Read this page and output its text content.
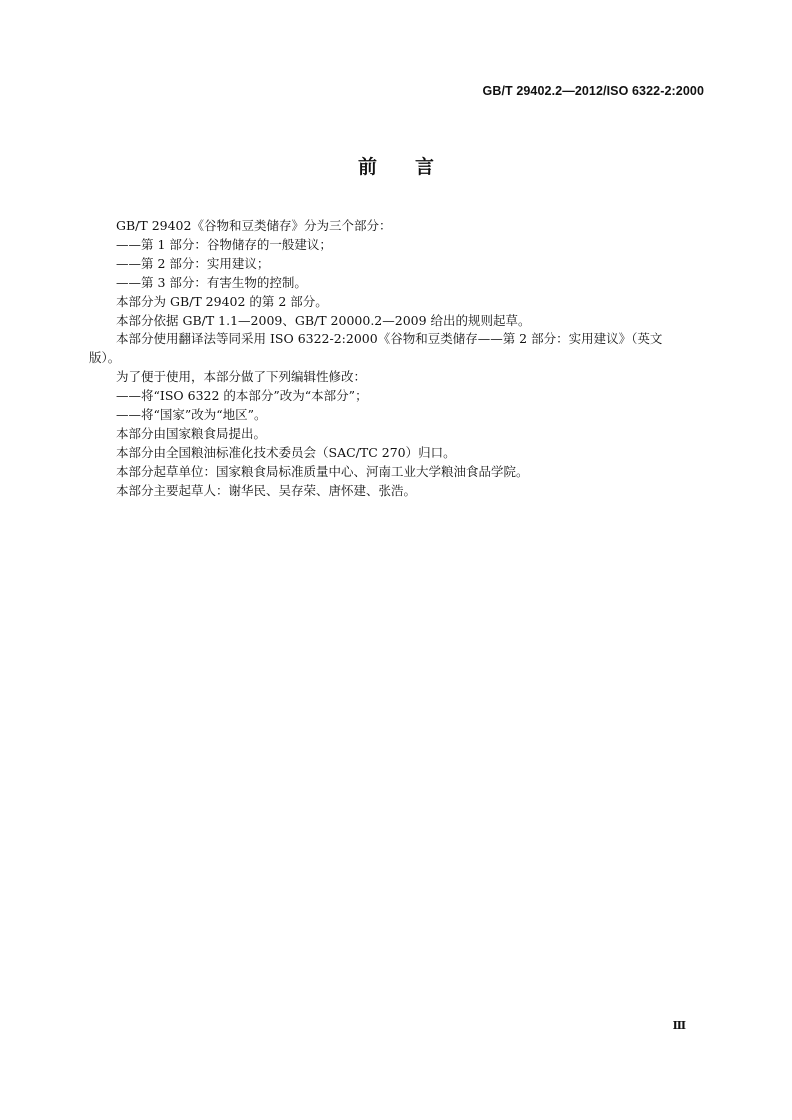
GB/T 29402.2—2012/ISO 6322-2:2000
前言

GB/T 29402《谷物和豆类储存》分为三个部分：

——第 1 部分：谷物储存的一般建议；

——第 2 部分：实用建议；

——第 3 部分：有害生物的控制。

本部分为 GB/T 29402 的第 2 部分。

本部分依据 GB/T 1.1—2009、GB/T 20000.2—2009 给出的规则起草。

本部分使用翻译法等同采用 ISO 6322-2:2000《谷物和豆类储存——第 2 部分：实用建议》（英文

版）。

为了便于使用，本部分做了下列编辑性修改：

——将“ISO 6322 的本部分”改为“本部分”；

——将“国家”改为“地区”。

本部分由国家粮食局提出。

本部分由全国粮油标准化技术委员会（SAC/TC 270）归口。

本部分起草单位：国家粮食局标准质量中心、河南工业大学粮油食品学院。

本部分主要起草人：谢华民、吴存荣、唐怀建、张浩。

Ⅲ
